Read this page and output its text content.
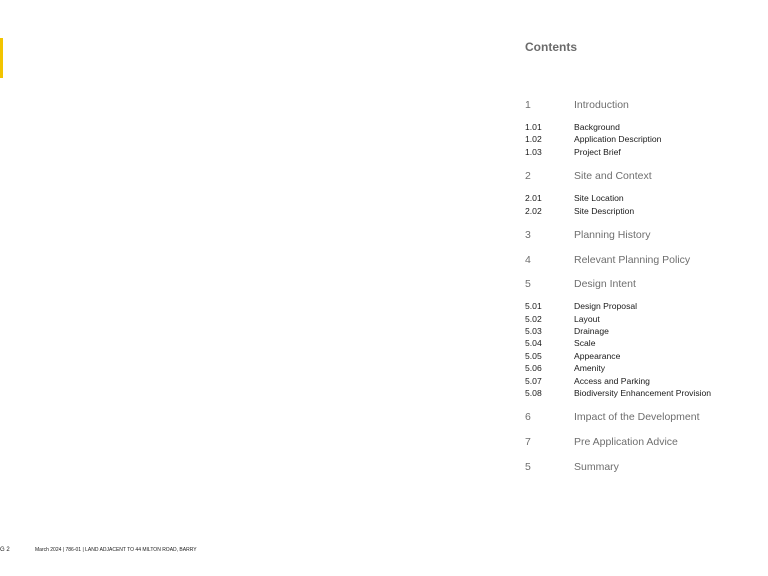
Contents
1	Introduction
1.01	Background
1.02	Application Description
1.03	Project Brief
2	Site and Context
2.01	Site Location
2.02	Site Description
3	Planning History
4	Relevant Planning Policy
5	Design Intent
5.01	Design Proposal
5.02	Layout
5.03	Drainage
5.04	Scale
5.05	Appearance
5.06	Amenity
5.07	Access and Parking
5.08	Biodiversity Enhancement Provision
6	Impact of the Development
7	Pre Application Advice
5	Summary
G 2	March 2024 | 786-01 | LAND ADJACENT TO 44 MILTON ROAD, BARRY
